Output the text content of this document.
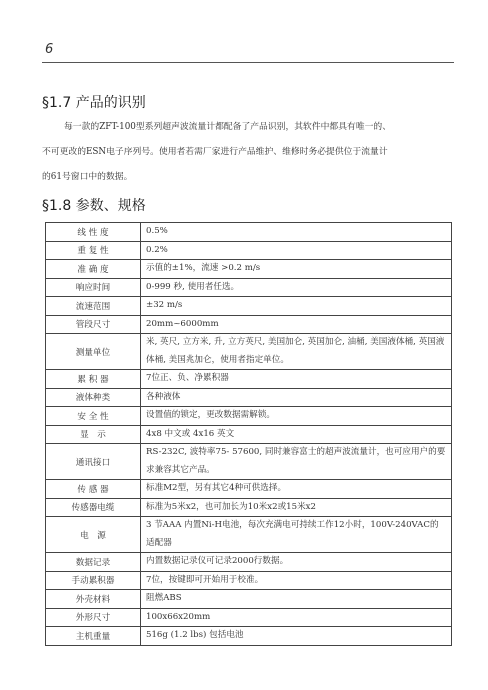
6
§1.7 产品的识别
每一款的ZFT-100型系列超声波流量计都配备了产品识别，其软件中都具有唯一的、
不可更改的ESN电子序列号。使用者若需厂家进行产品维护、维修时务必提供位于流量计
的61号窗口中的数据。
§1.8 参数、规格
线 性 度	0.5%
重 复 性	0.2%
准 确 度	示值的±1%，流速 >0.2 m/s
响应时间	0-999 秒, 使用者任选。
流速范围	±32 m/s
管段尺寸	20mm~6000mm
测量单位	米, 英尺, 立方米, 升, 立方英尺, 美国加仑, 英国加仑, 油桶, 美国液体桶, 英国液体桶, 美国兆加仑，使用者指定单位。
累 积 器	7位正、负、净累积器
液体种类	各种液体
安 全 性	设置值的锁定，更改数据需解锁。
显　示	4x8 中文或 4x16 英文
通讯接口	RS-232C, 波特率75- 57600, 同时兼容富士的超声波流量计，也可应用户的要求兼容其它产品。
传 感 器	标准M2型，另有其它4种可供选择。
传感器电缆	标准为5米x2，也可加长为10米x2或15米x2
电　源	3 节AAA 内置Ni-H电池，每次充满电可持续工作12小时，100V-240VAC的适配器
数据记录	内置数据记录仪可记录2000行数据。
手动累积器	7位，按键即可开始用于校准。
外壳材料	阻燃ABS
外形尺寸	100x66x20mm
主机重量	516g (1.2 lbs) 包括电池
